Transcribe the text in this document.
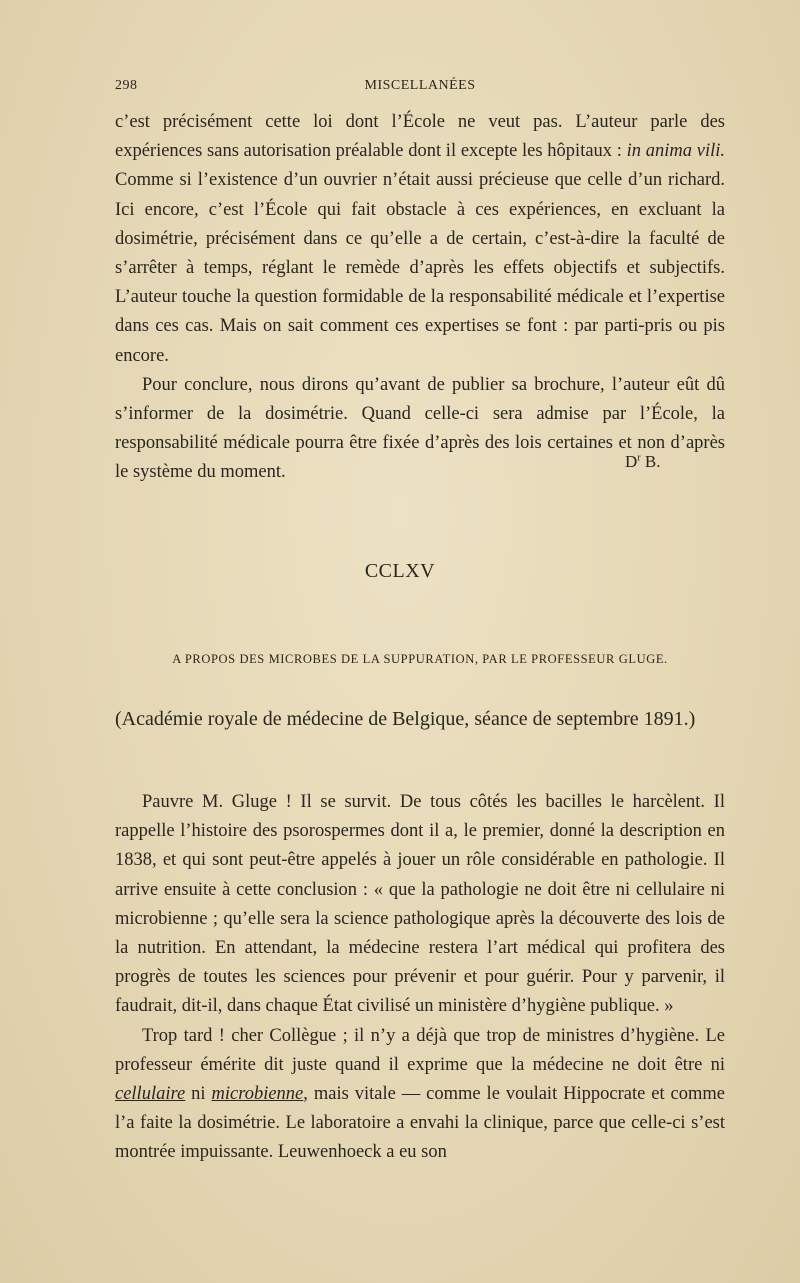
298	MISCELLANÉES

c’est précisément cette loi dont l’École ne veut pas. L’auteur parle des expériences sans autorisation préalable dont il excepte les hôpitaux : in anima vili. Comme si l’existence d’un ouvrier n’était aussi précieuse que celle d’un richard. Ici encore, c’est l’École qui fait obstacle à ces expériences, en excluant la dosimétrie, précisément dans ce qu’elle a de certain, c’est-à-dire la faculté de s’arrêter à temps, réglant le remède d’après les effets objectifs et subjectifs. L’auteur touche la question formidable de la responsabilité médicale et l’expertise dans ces cas. Mais on sait comment ces expertises se font : par parti-pris ou pis encore.

Pour conclure, nous dirons qu’avant de publier sa brochure, l’auteur eût dû s’informer de la dosimétrie. Quand celle-ci sera admise par l’École, la responsabilité médicale pourra être fixée d’après des lois certaines et non d’après le système du moment.

$D^r$ B.
CCLXV
A PROPOS DES MICROBES DE LA SUPPURATION, PAR LE PROFESSEUR GLUGE.
(Académie royale de médecine de Belgique, séance de septembre 1891.)

Pauvre M. Gluge ! Il se survit. De tous côtés les bacilles le harcèlent. Il rappelle l’histoire des psorospermes dont il a, le premier, donné la description en 1838, et qui sont peut-être appelés à jouer un rôle considérable en pathologie. Il arrive ensuite à cette conclusion : « que la pathologie ne doit être ni cellulaire ni microbienne ; qu’elle sera la science pathologique après la découverte des lois de la nutrition. En attendant, la médecine restera l’art médical qui profitera des progrès de toutes les sciences pour prévenir et pour guérir. Pour y parvenir, il faudrait, dit-il, dans chaque État civilisé un ministère d’hygiène publique. »

Trop tard ! cher Collègue ; il n’y a déjà que trop de ministres d’hygiène. Le professeur émérite dit juste quand il exprime que la médecine ne doit être ni cellulaire ni microbienne, mais vitale — comme le voulait Hippocrate et comme l’a faite la dosimétrie. Le laboratoire a envahi la clinique, parce que celle-ci s’est montrée impuissante. Leuwenhoeck a eu son
